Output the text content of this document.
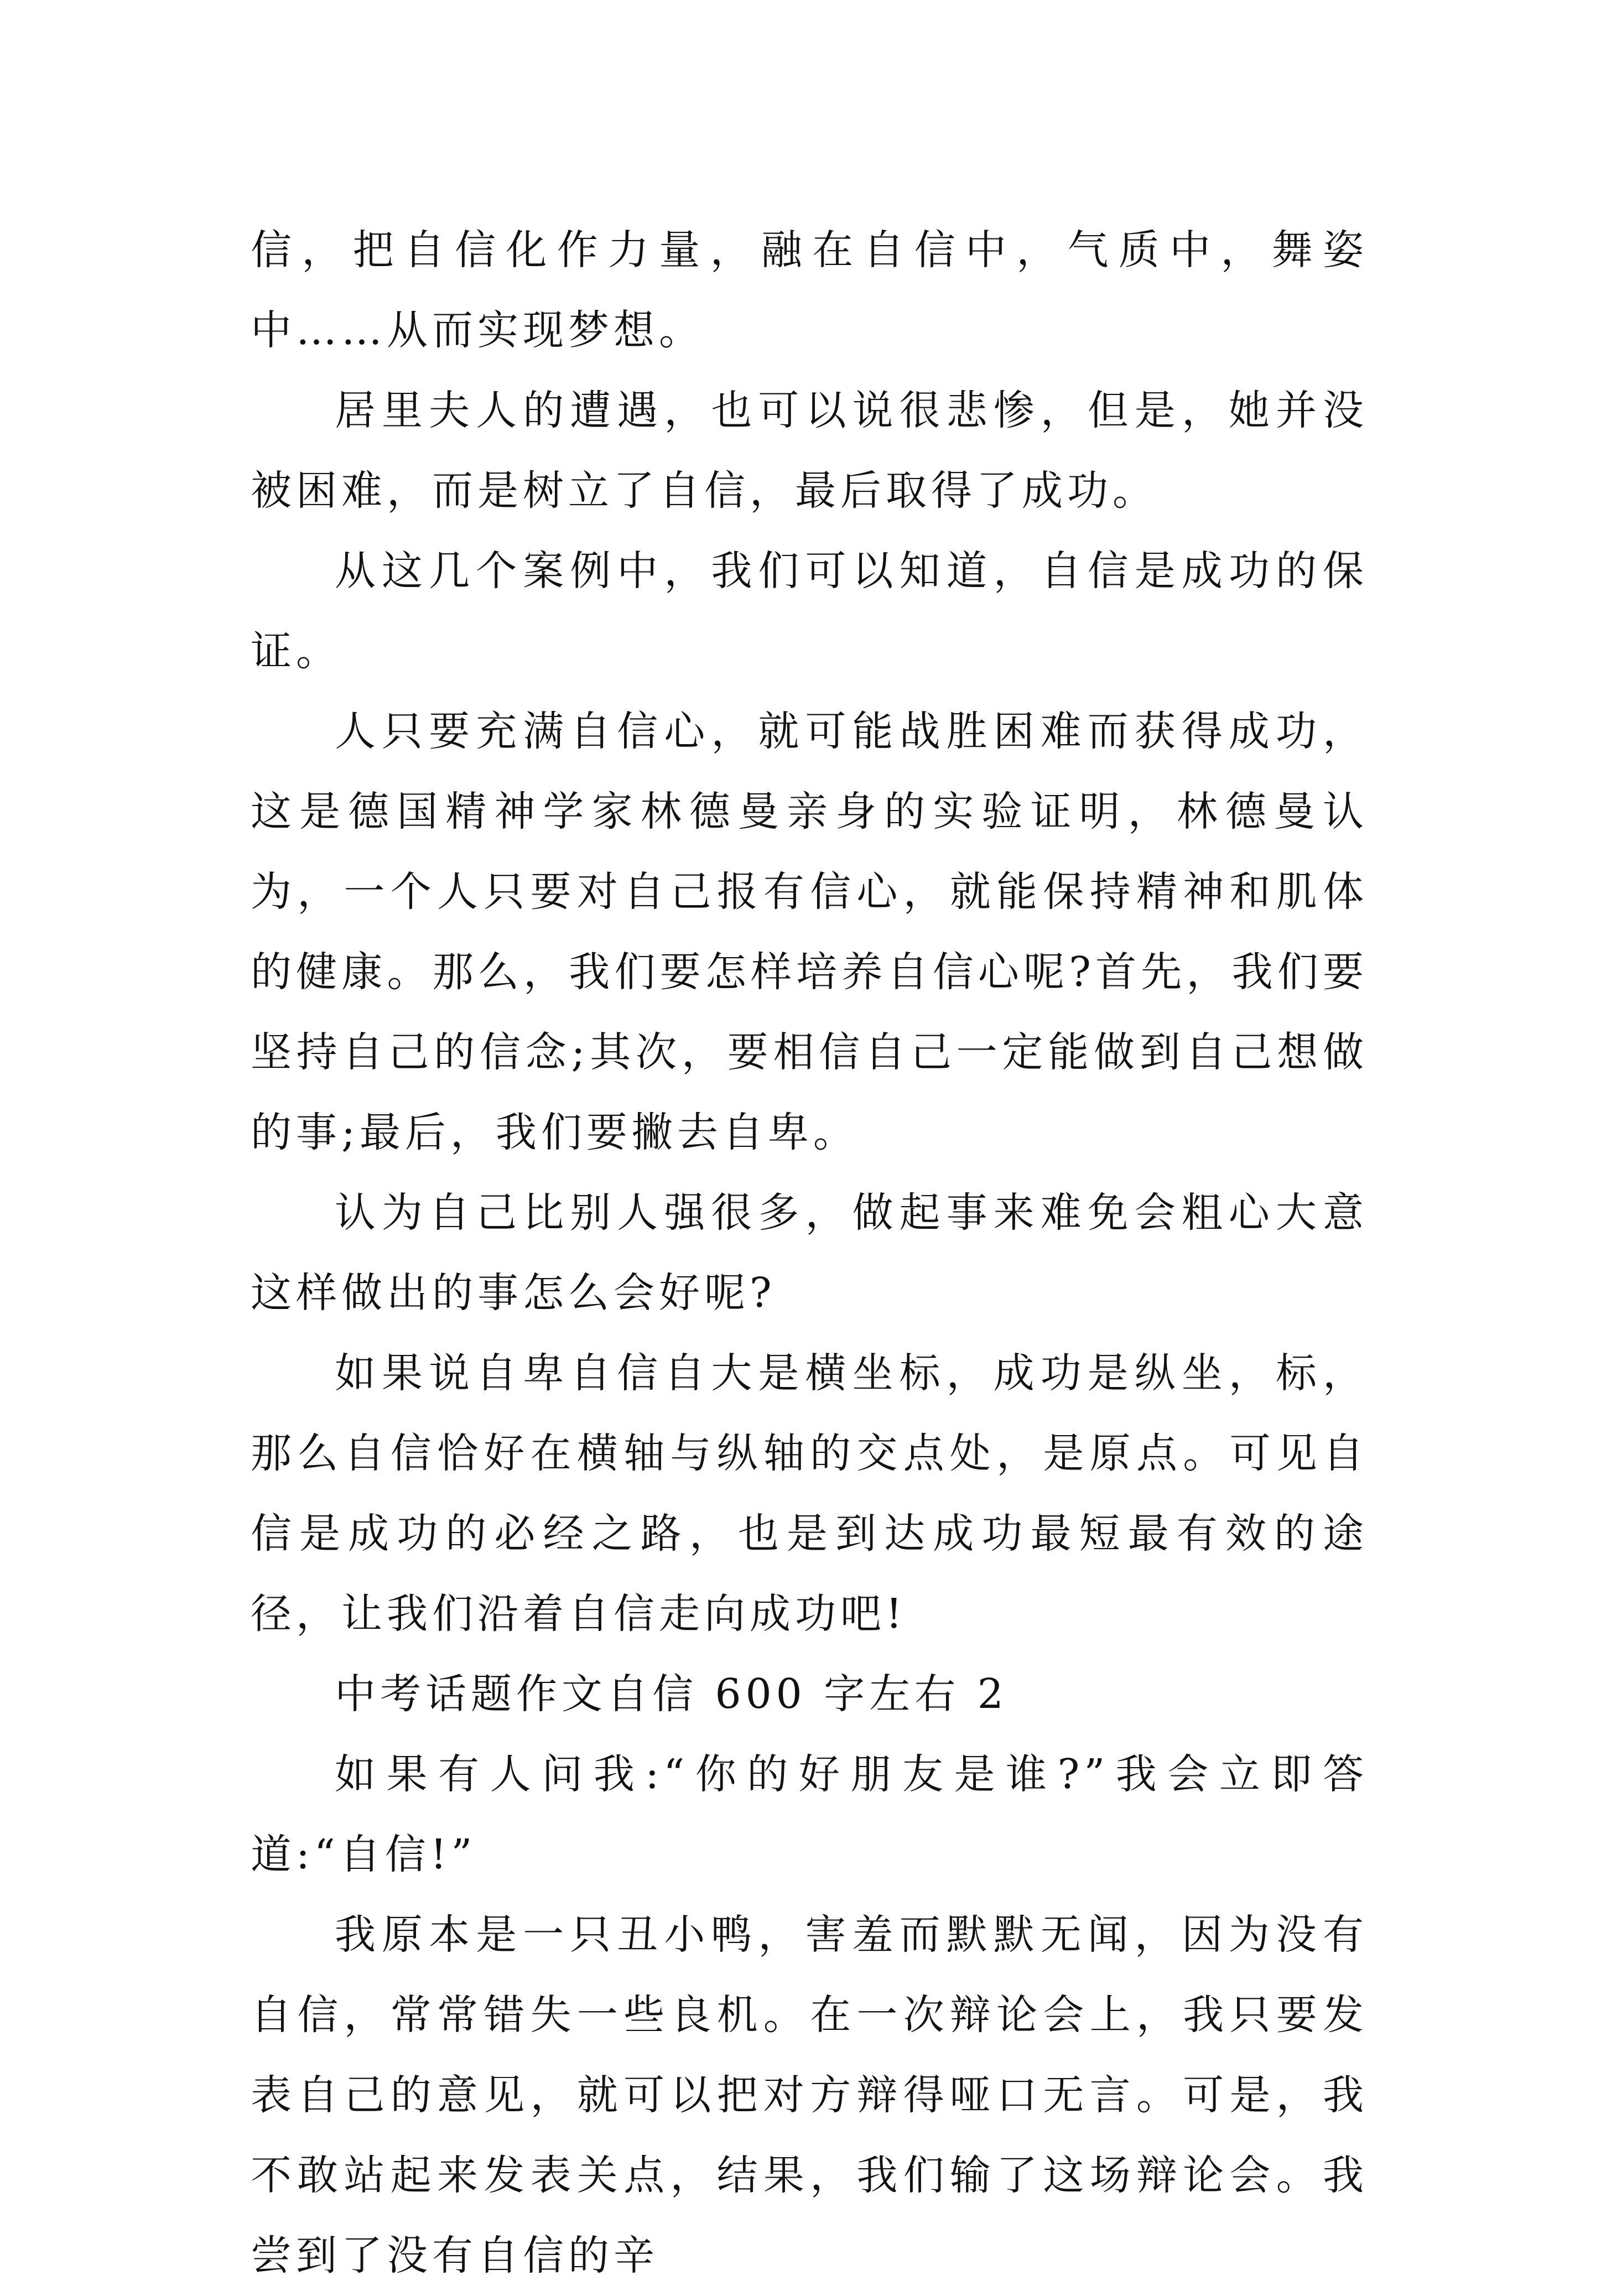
信，把自信化作力量，融在自信中，气质中，舞姿中……从而实现梦想。

居里夫人的遭遇，也可以说很悲惨，但是，她并没被困难，而是树立了自信，最后取得了成功。

从这几个案例中，我们可以知道，自信是成功的保证。

人只要充满自信心，就可能战胜困难而获得成功，这是德国精神学家林德曼亲身的实验证明，林德曼认为，一个人只要对自己报有信心，就能保持精神和肌体的健康。那么，我们要怎样培养自信心呢?首先，我们要坚持自己的信念;其次，要相信自己一定能做到自己想做的事;最后，我们要撇去自卑。

认为自己比别人强很多，做起事来难免会粗心大意这样做出的事怎么会好呢?

如果说自卑自信自大是横坐标，成功是纵坐，标，那么自信恰好在横轴与纵轴的交点处，是原点。可见自信是成功的必经之路，也是到达成功最短最有效的途径，让我们沿着自信走向成功吧!

中考话题作文自信 600 字左右 2

如果有人问我:“你的好朋友是谁?”我会立即答道:“自信!”

我原本是一只丑小鸭，害羞而默默无闻，因为没有自信，常常错失一些良机。在一次辩论会上，我只要发表自己的意见，就可以把对方辩得哑口无言。可是，我不敢站起来发表关点，结果，我们输了这场辩论会。我尝到了没有自信的辛
